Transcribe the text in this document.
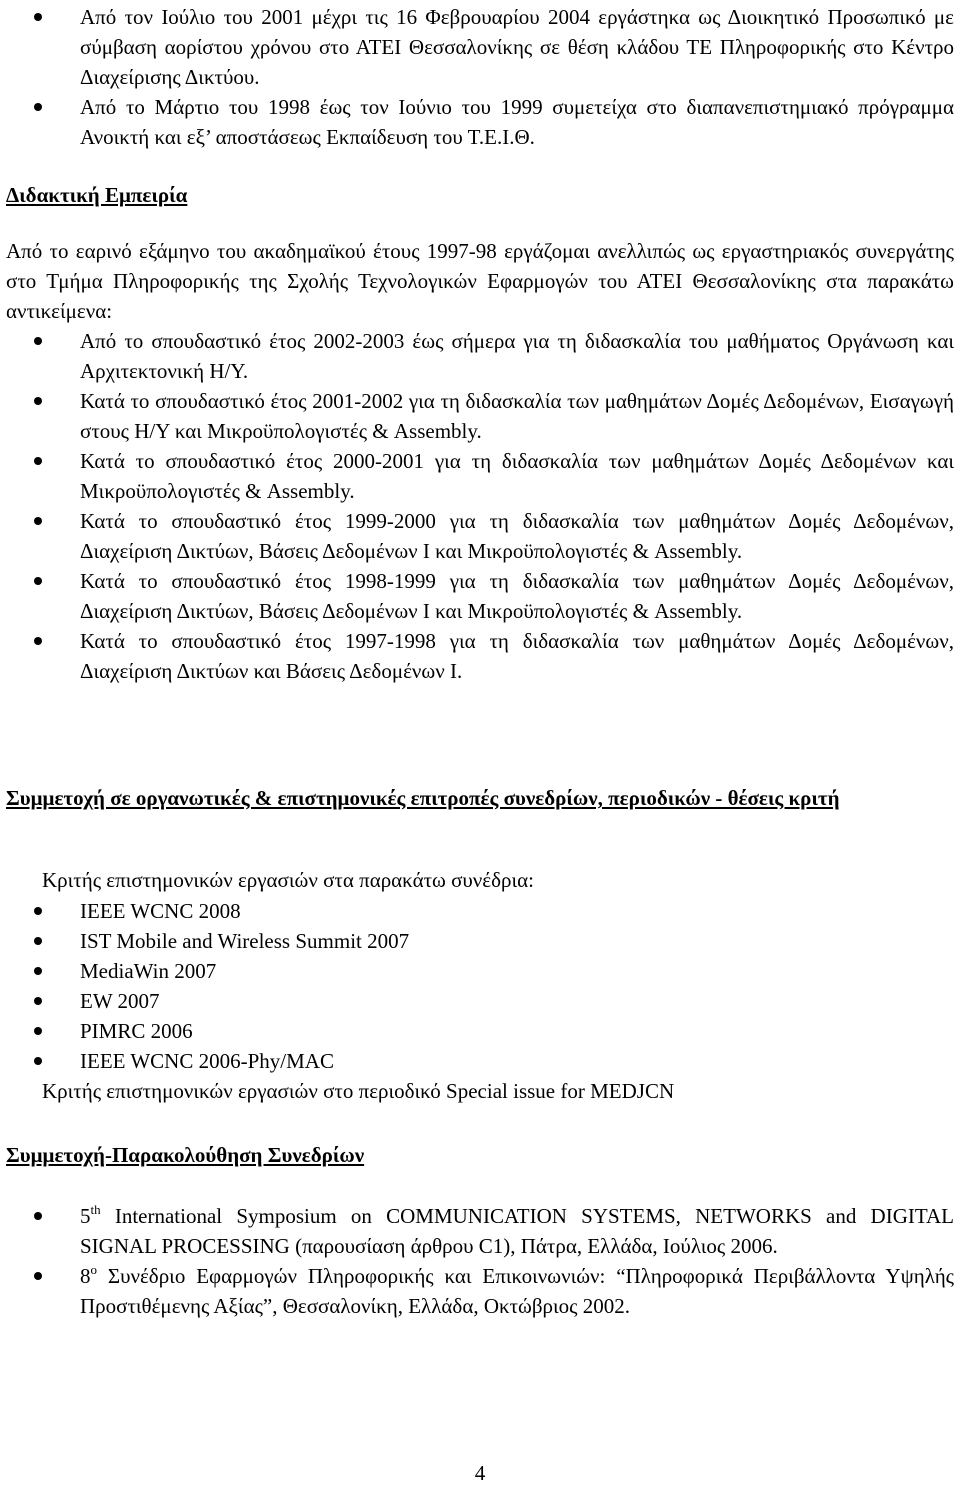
Από τον Ιούλιο του 2001 μέχρι τις 16 Φεβρουαρίου 2004 εργάστηκα ως Διοικητικό Προσωπικό με σύμβαση αορίστου χρόνου στο ΑΤΕΙ Θεσσαλονίκης σε θέση κλάδου ΤΕ Πληροφορικής στο Κέντρο Διαχείρισης Δικτύου.
Από το Μάρτιο του 1998 έως τον Ιούνιο του 1999 συμετείχα στο διαπανεπιστημιακό πρόγραμμα Ανοικτή και εξ’ αποστάσεως Εκπαίδευση του Τ.Ε.Ι.Θ.
Διδακτική Εμπειρία
Από το εαρινό εξάμηνο του ακαδημαϊκού έτους 1997-98 εργάζομαι ανελλιπώς ως εργαστηριακός συνεργάτης στο Τμήμα Πληροφορικής της Σχολής Τεχνολογικών Εφαρμογών του ΑΤΕΙ Θεσσαλονίκης στα παρακάτω αντικείμενα:
Από το σπουδαστικό έτος 2002-2003 έως σήμερα για τη διδασκαλία του μαθήματος Οργάνωση και Αρχιτεκτονική Η/Υ.
Κατά το σπουδαστικό έτος 2001-2002 για τη διδασκαλία των μαθημάτων Δομές Δεδομένων, Εισαγωγή στους Η/Υ και Μικροϋπολογιστές & Assembly.
Κατά το σπουδαστικό έτος 2000-2001 για τη διδασκαλία των μαθημάτων Δομές Δεδομένων και Μικροϋπολογιστές & Assembly.
Κατά το σπουδαστικό έτος 1999-2000 για τη διδασκαλία των μαθημάτων Δομές Δεδομένων, Διαχείριση Δικτύων, Βάσεις Δεδομένων Ι και Μικροϋπολογιστές & Assembly.
Κατά το σπουδαστικό έτος 1998-1999 για τη διδασκαλία των μαθημάτων Δομές Δεδομένων, Διαχείριση Δικτύων, Βάσεις Δεδομένων Ι και Μικροϋπολογιστές & Assembly.
Κατά το σπουδαστικό έτος 1997-1998 για τη διδασκαλία των μαθημάτων Δομές Δεδομένων, Διαχείριση Δικτύων και Βάσεις Δεδομένων Ι.
Συμμετοχή σε οργανωτικές & επιστημονικές επιτροπές συνεδρίων, περιοδικών - θέσεις κριτή
Κριτής επιστημονικών εργασιών στα παρακάτω συνέδρια:
IEEE WCNC 2008
IST Mobile and Wireless Summit 2007
MediaWin 2007
EW 2007
PIMRC 2006
IEEE WCNC 2006-Phy/MAC
Κριτής επιστημονικών εργασιών στο περιοδικό Special issue for MEDJCN
Συμμετοχή-Παρακολούθηση Συνεδρίων
5th International Symposium on COMMUNICATION SYSTEMS, NETWORKS and DIGITAL SIGNAL PROCESSING (παρουσίαση άρθρου C1), Πάτρα, Ελλάδα, Ιούλιος 2006.
$8^o$ Συνέδριο Εφαρμογών Πληροφορικής και Επικοινωνιών: “Πληροφορικά Περιβάλλοντα Υψηλής Προστιθέμενης Αξίας”, Θεσσαλονίκη, Ελλάδα, Οκτώβριος 2002.
4
